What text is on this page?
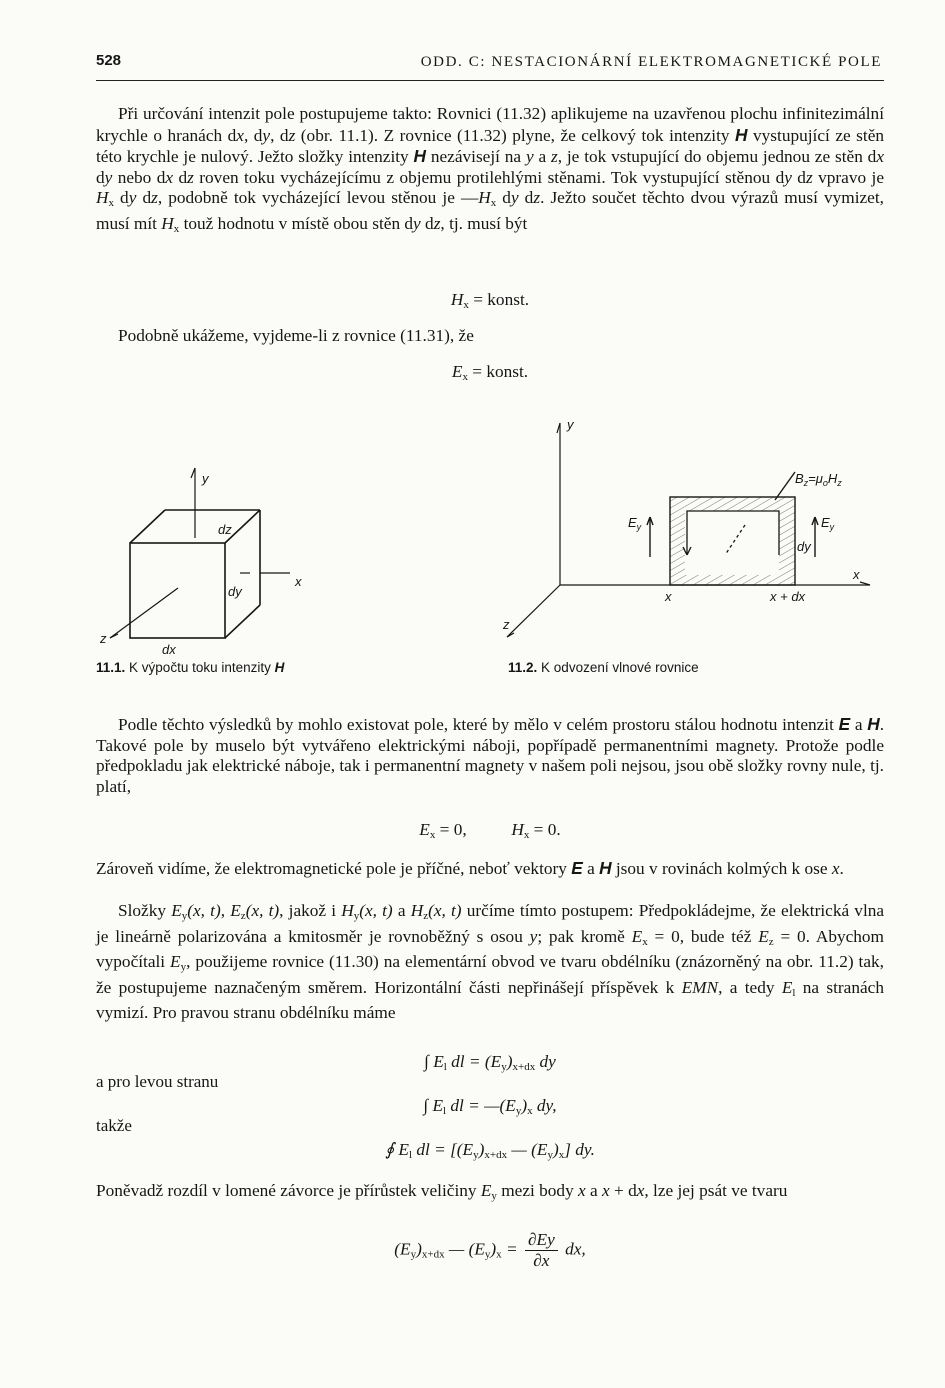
528	ODD. C: NESTACIONÁRNÍ ELEKTROMAGNETICKÉ POLE

Při určování intenzit pole postupujeme takto: Rovnici (11.32) aplikujeme na uzavřenou plochu infinitezimální krychle o hranách dx, dy, dz (obr. 11.1). Z rovnice (11.32) plyne, že celkový tok intenzity H vystupující ze stěn této krychle je nulový. Ježto složky intenzity H nezávisejí na y a z, je tok vstupující do objemu jednou ze stěn dx dy nebo dx dz roven toku vycházejícímu z objemu protilehlými stěnami. Tok vystupující stěnou dy dz vpravo je $H_x$ dy dz, podobně tok vycházející levou stěnou je $—H_x$ dy dz. Ježto součet těchto dvou výrazů musí vymizet, musí mít $H_x$ touž hodnotu v místě obou stěn dy dz, tj. musí být

$H_x$ = konst.

Podobně ukážeme, vyjdeme-li z rovnice (11.31), že

$E_x$ = konst.
y
x
z
dz
dy
dx
11.1. K výpočtu toku intenzity H
y
x
z
x	x + dx
dy
$E_y$	$E_y$
$B_z=\mu_oH_z$
11.2. K odvození vlnové rovnice

Podle těchto výsledků by mohlo existovat pole, které by mělo v celém prostoru stálou hodnotu intenzit E a H. Takové pole by muselo být vytvářeno elektrickými náboji, popřípadě permanentními magnety. Protože podle předpokladu jak elektrické náboje, tak i permanentní magnety v našem poli nejsou, jsou obě složky rovny nule, tj. platí,

$E_x = 0$,	$H_x = 0$.

Zároveň vidíme, že elektromagnetické pole je příčné, neboť vektory E a H jsou v rovinách kolmých k ose x.

Složky $E_y(x$, t), $E_z(x$, t), jakož i $H_y(x$, t) a $H_z(x$, t) určíme tímto postupem: Předpokládejme, že elektrická vlna je lineárně polarizována a kmitosměr je rovnoběžný s osou y; pak kromě $E_x = 0$, bude též $E_z = 0$. Abychom vypočítali $E_y$, použijeme rovnice (11.30) na elementární obvod ve tvaru obdélníku (znázorněný na obr. 11.2) tak, že postupujeme naznačeným směrem. Horizontální části nepřinášejí příspěvek k EMN, a tedy $E_l$ na stranách vymizí. Pro pravou stranu obdélníku máme

∫ $E_l$ dl = $(E_y)_{x+dx}$ dy
a pro levou stranu
∫ $E_l$ dl = $—(E_y)_x$ dy,
takže
∮ $E_l$ dl = [$(E_y)_{x+dx}$ — $(E_y)_x$] dy.

Poněvadž rozdíl v lomené závorce je přírůstek veličiny $E_y$ mezi body x a x + dx, lze jej psát ve tvaru

$(E_y)_{x+dx}$ — $(E_y)_x = \frac{\partial Ey}{\partial x}$ dx,
